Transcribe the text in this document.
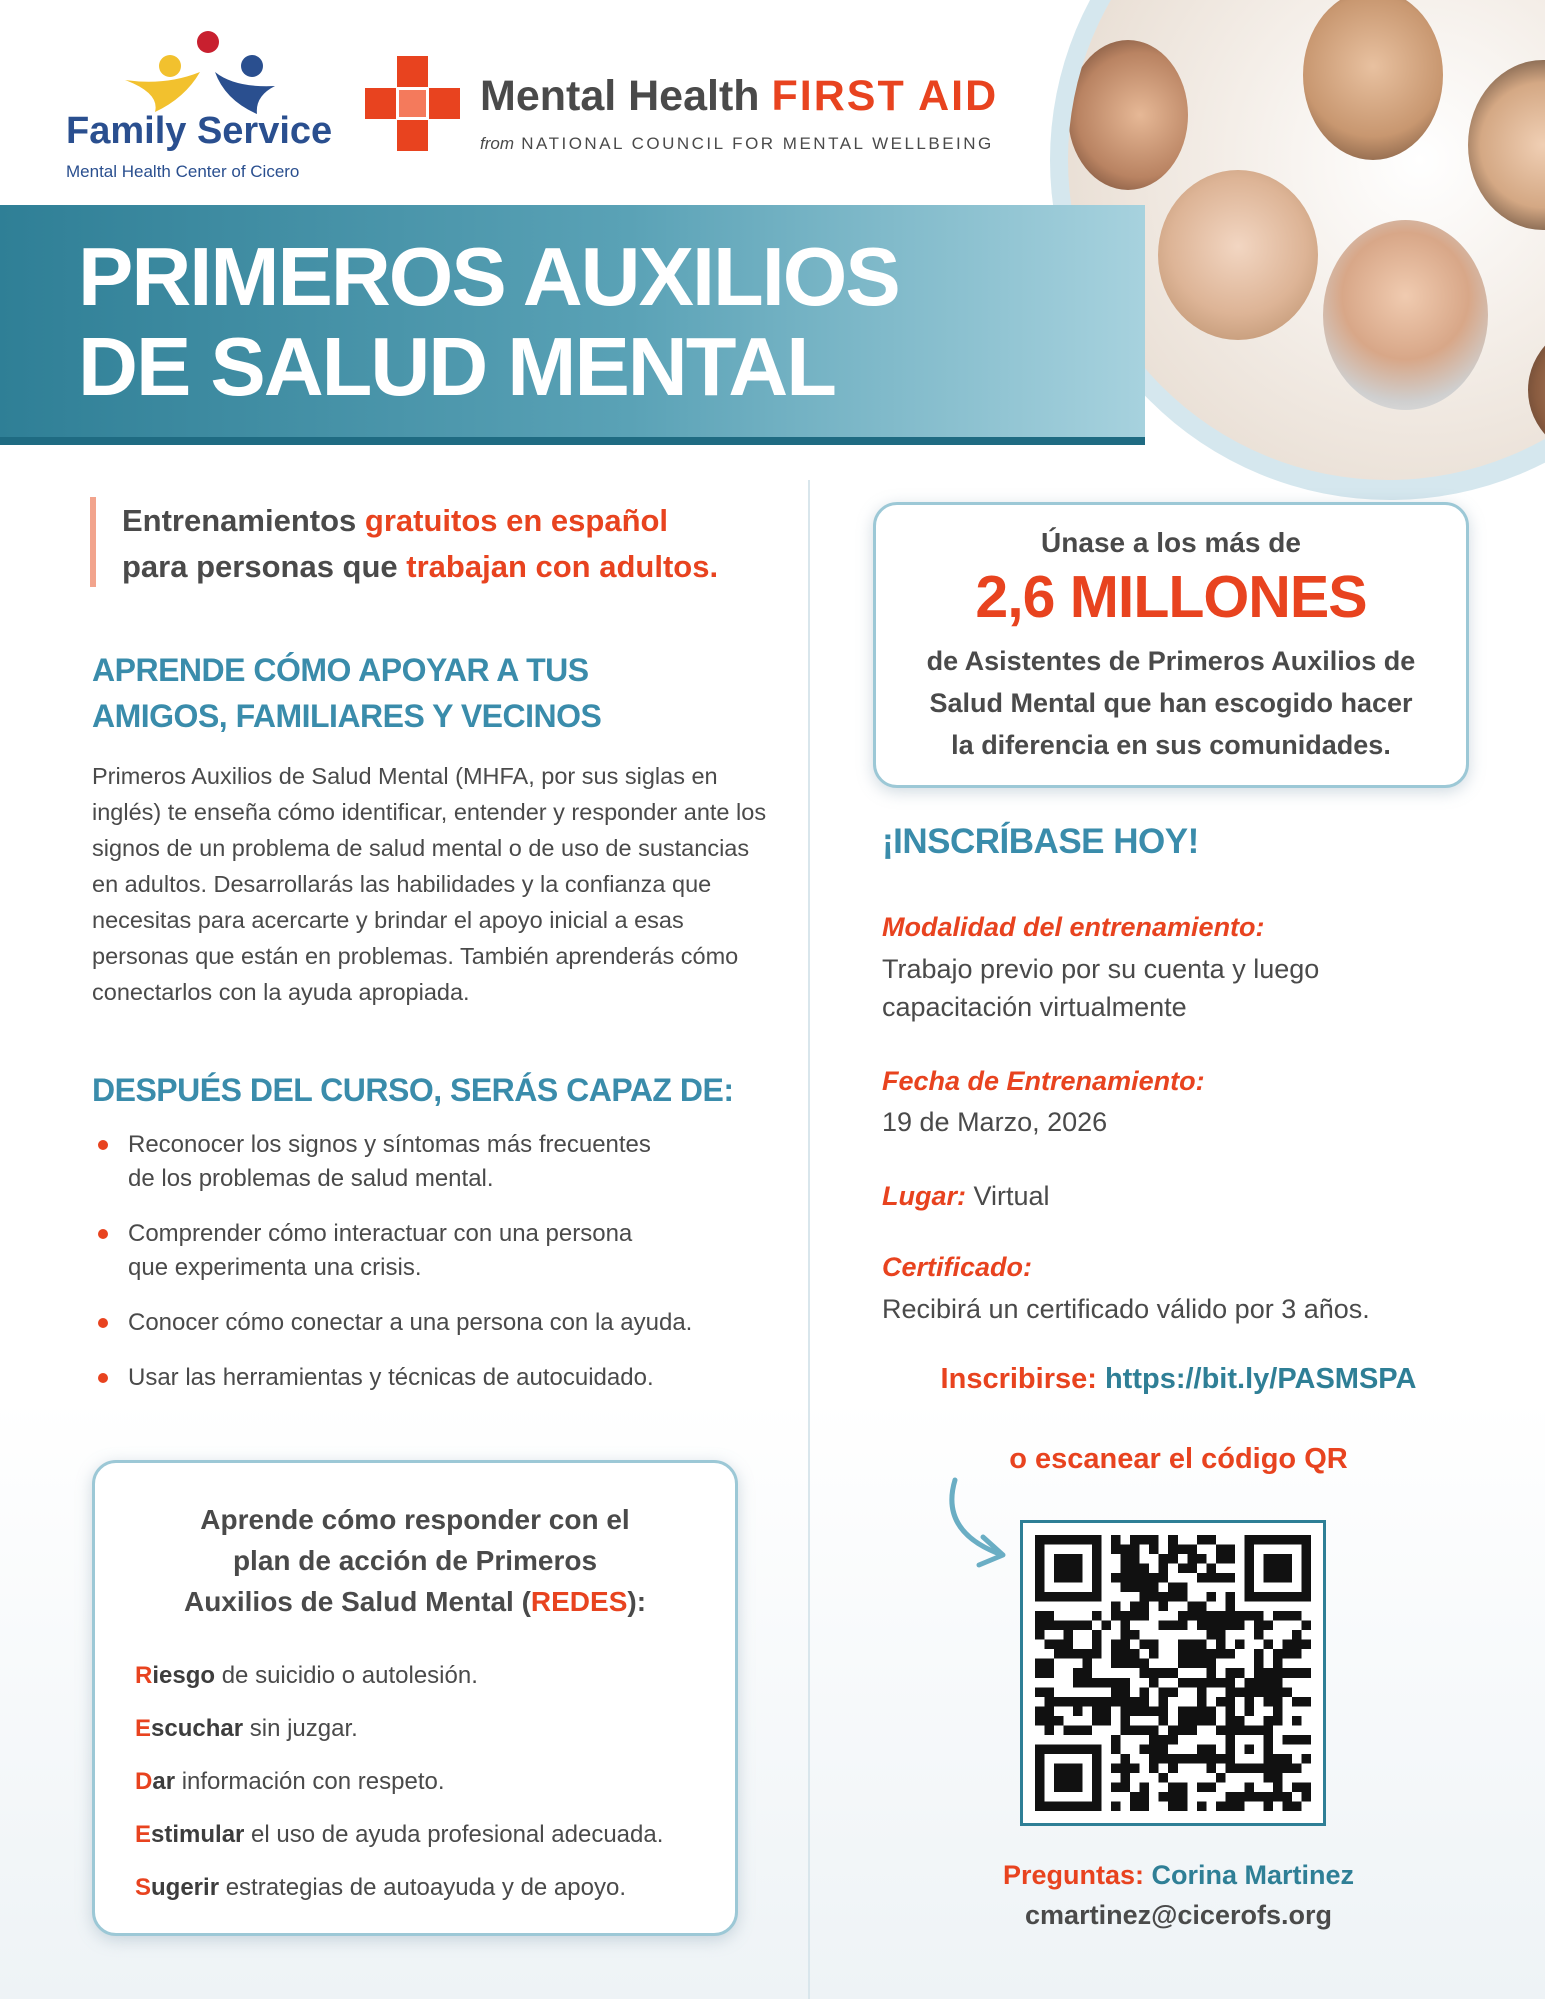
Family Service
Mental Health Center of Cicero
Mental Health FIRST AID
from NATIONAL COUNCIL FOR MENTAL WELLBEING
PRIMEROS AUXILIOS
DE SALUD MENTAL
Entrenamientos gratuitos en español
para personas que trabajan con adultos.
APRENDE CÓMO APOYAR A TUS
AMIGOS, FAMILIARES Y VECINOS
Primeros Auxilios de Salud Mental (MHFA, por sus siglas en inglés) te enseña cómo identificar, entender y responder ante los signos de un problema de salud mental o de uso de sustancias en adultos. Desarrollarás las habilidades y la confianza que necesitas para acercarte y brindar el apoyo inicial a esas personas que están en problemas. También aprenderás cómo conectarlos con la ayuda apropiada.
DESPUÉS DEL CURSO, SERÁS CAPAZ DE:
Reconocer los signos y síntomas más frecuentes
de los problemas de salud mental.
Comprender cómo interactuar con una persona
que experimenta una crisis.
Conocer cómo conectar a una persona con la ayuda.
Usar las herramientas y técnicas de autocuidado.
Aprende cómo responder con el
plan de acción de Primeros
Auxilios de Salud Mental (REDES):
Riesgo de suicidio o autolesión.
Escuchar sin juzgar.
Dar información con respeto.
Estimular el uso de ayuda profesional adecuada.
Sugerir estrategias de autoayuda y de apoyo.
Únase a los más de
2,6 MILLONES
de Asistentes de Primeros Auxilios de
Salud Mental que han escogido hacer
la diferencia en sus comunidades.
¡INSCRÍBASE HOY!
Modalidad del entrenamiento:
Trabajo previo por su cuenta y luego
capacitación virtualmente
Fecha de Entrenamiento:
19 de Marzo, 2026
Lugar: Virtual
Certificado:
Recibirá un certificado válido por 3 años.
Inscribirse: https://bit.ly/PASMSPA
o escanear el código QR
Preguntas: Corina Martinez
cmartinez@cicerofs.org
